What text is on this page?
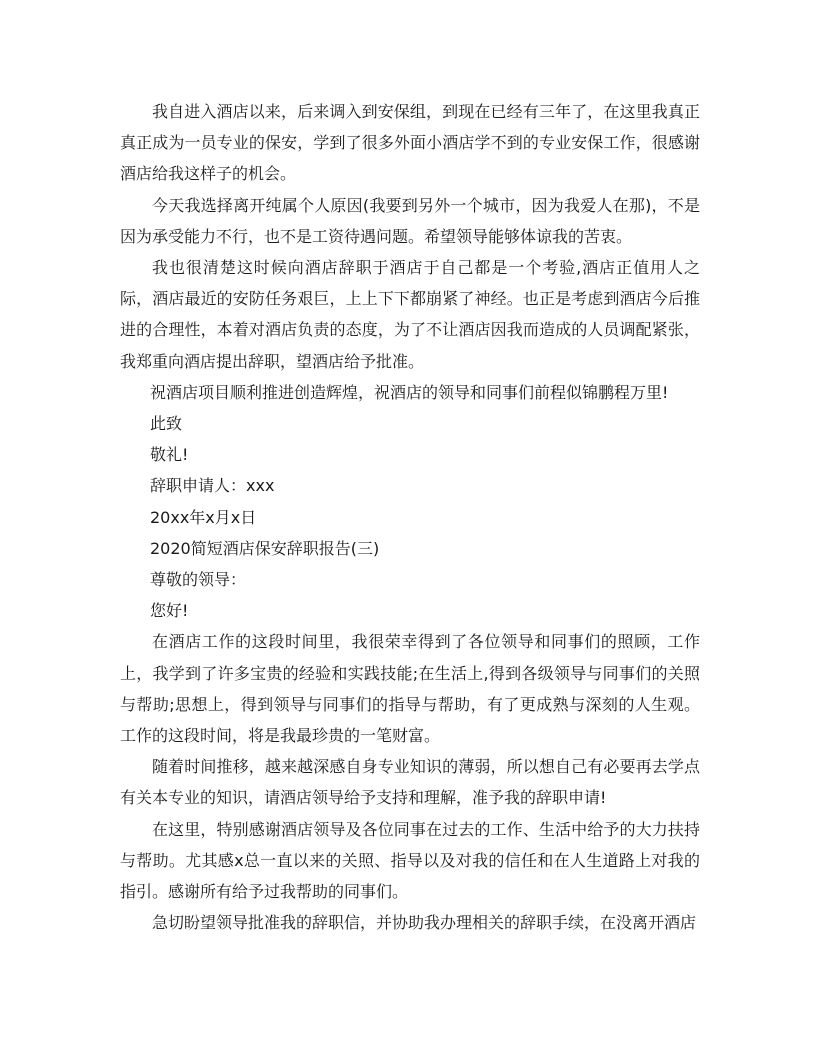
我自进入酒店以来，后来调入到安保组，到现在已经有三年了，在这里我真正真正成为一员专业的保安，学到了很多外面小酒店学不到的专业安保工作，很感谢酒店给我这样子的机会。

今天我选择离开纯属个人原因(我要到另外一个城市，因为我爱人在那)，不是因为承受能力不行，也不是工资待遇问题。希望领导能够体谅我的苦衷。

我也很清楚这时候向酒店辞职于酒店于自己都是一个考验,酒店正值用人之际，酒店最近的安防任务艰巨，上上下下都崩紧了神经。也正是考虑到酒店今后推进的合理性，本着对酒店负责的态度，为了不让酒店因我而造成的人员调配紧张，我郑重向酒店提出辞职，望酒店给予批准。

祝酒店项目顺利推进创造辉煌，祝酒店的领导和同事们前程似锦鹏程万里!

此致

敬礼!

辞职申请人：xxx

20xx年x月x日

2020简短酒店保安辞职报告(三)

尊敬的领导：

您好!

在酒店工作的这段时间里，我很荣幸得到了各位领导和同事们的照顾，工作上，我学到了许多宝贵的经验和实践技能;在生活上,得到各级领导与同事们的关照与帮助;思想上，得到领导与同事们的指导与帮助，有了更成熟与深刻的人生观。工作的这段时间，将是我最珍贵的一笔财富。

随着时间推移，越来越深感自身专业知识的薄弱，所以想自己有必要再去学点有关本专业的知识，请酒店领导给予支持和理解，准予我的辞职申请!

在这里，特别感谢酒店领导及各位同事在过去的工作、生活中给予的大力扶持与帮助。尤其感x总一直以来的关照、指导以及对我的信任和在人生道路上对我的指引。感谢所有给予过我帮助的同事们。

急切盼望领导批准我的辞职信，并协助我办理相关的辞职手续，在没离开酒店
